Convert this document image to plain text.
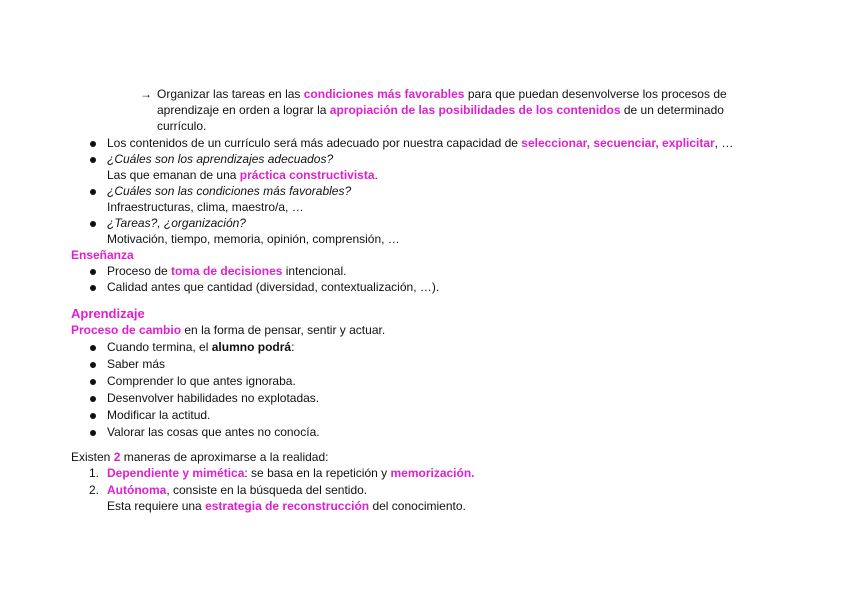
→ Organizar las tareas en las condiciones más favorables para que puedan desenvolverse los procesos de
aprendizaje en orden a lograr la apropiación de las posibilidades de los contenidos de un determinado
currículo.
Los contenidos de un currículo será más adecuado por nuestra capacidad de seleccionar, secuenciar, explicitar, …
¿Cuáles son los aprendizajes adecuados?
Las que emanan de una práctica constructivista.
¿Cuáles son las condiciones más favorables?
Infraestructuras, clima, maestro/a, …
¿Tareas?, ¿organización?
Motivación, tiempo, memoria, opinión, comprensión, …
Enseñanza
Proceso de toma de decisiones intencional.
Calidad antes que cantidad (diversidad, contextualización, …).
Aprendizaje
Proceso de cambio en la forma de pensar, sentir y actuar.
Cuando termina, el alumno podrá:
Saber más
Comprender lo que antes ignoraba.
Desenvolver habilidades no explotadas.
Modificar la actitud.
Valorar las cosas que antes no conocía.
Existen 2 maneras de aproximarse a la realidad:
1. Dependiente y mimética: se basa en la repetición y memorización.
2. Autónoma, consiste en la búsqueda del sentido.
Esta requiere una estrategia de reconstrucción del conocimiento.
